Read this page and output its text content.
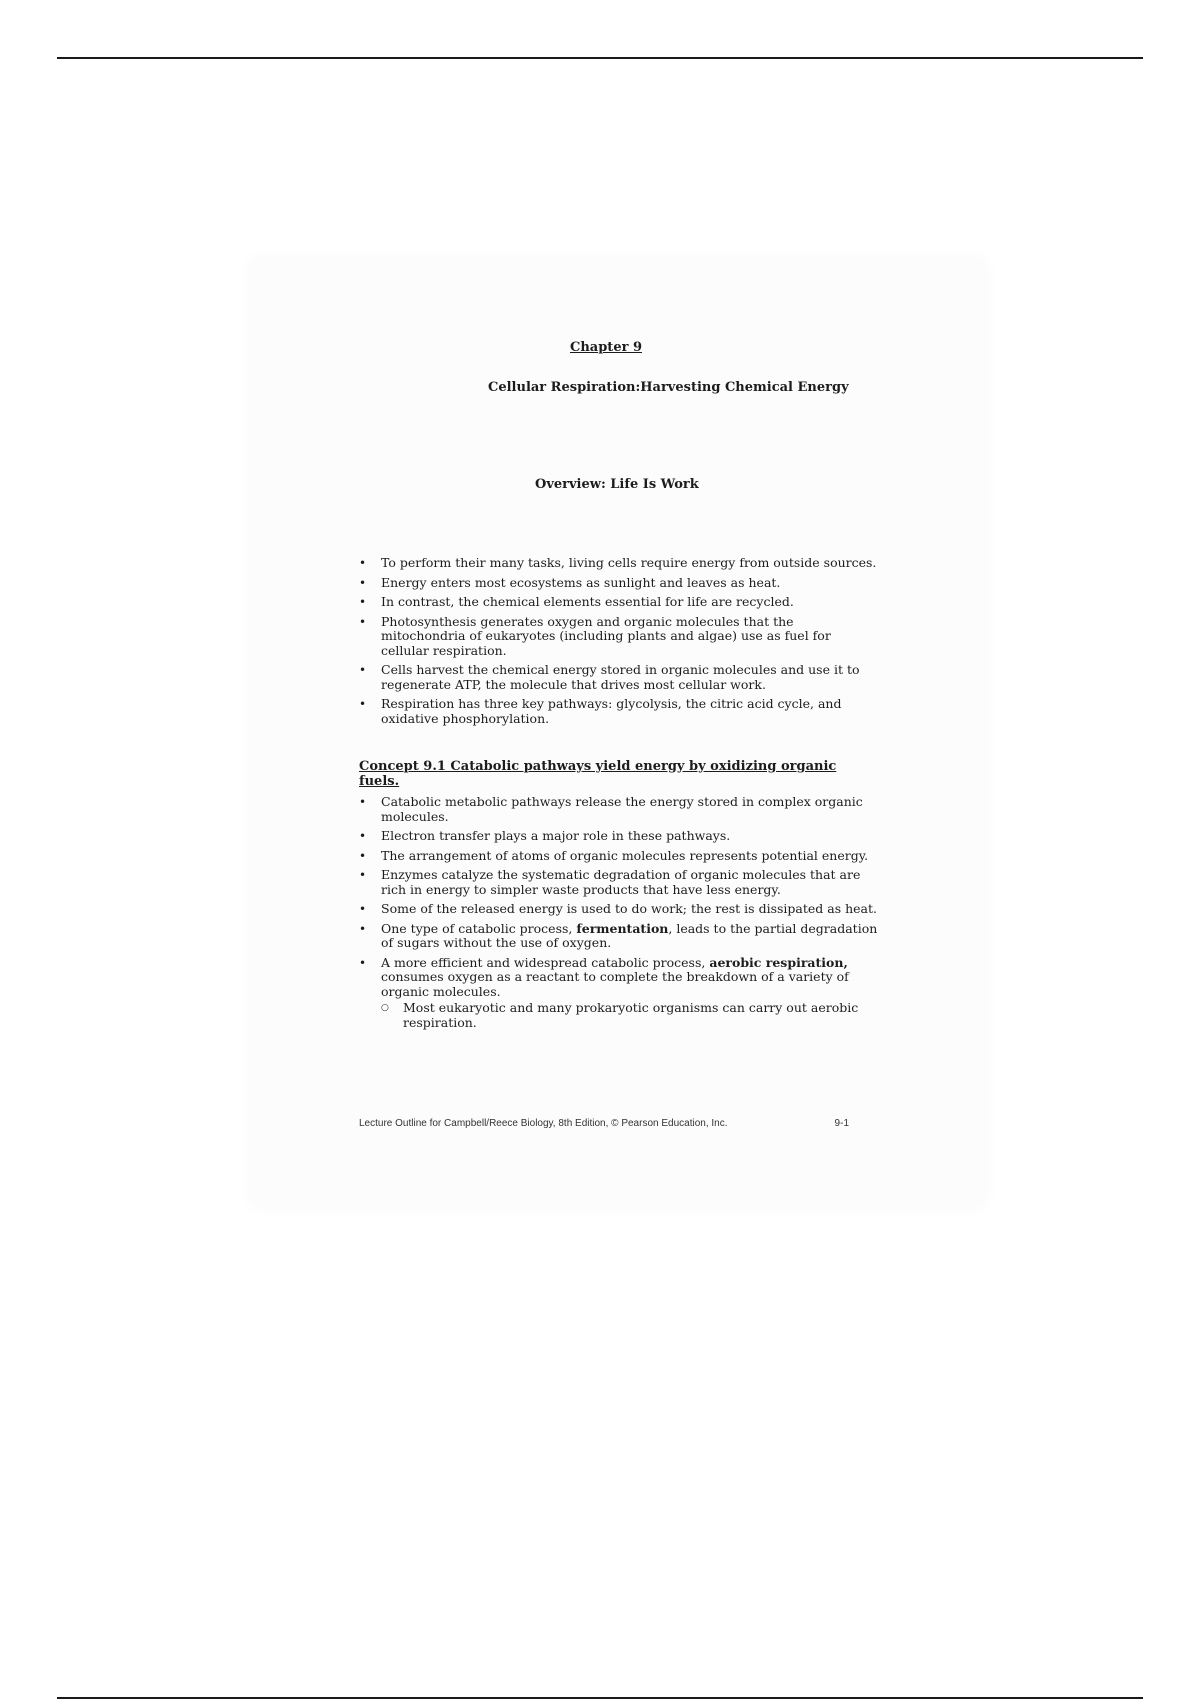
Chapter 9
Cellular Respiration:Harvesting Chemical Energy
Overview: Life Is Work
• To perform their many tasks, living cells require energy from outside sources.
• Energy enters most ecosystems as sunlight and leaves as heat.
• In contrast, the chemical elements essential for life are recycled.
• Photosynthesis generates oxygen and organic molecules that the mitochondria of eukaryotes (including plants and algae) use as fuel for cellular respiration.
• Cells harvest the chemical energy stored in organic molecules and use it to regenerate ATP, the molecule that drives most cellular work.
• Respiration has three key pathways: glycolysis, the citric acid cycle, and oxidative phosphorylation.
Concept 9.1 Catabolic pathways yield energy by oxidizing organic fuels.
• Catabolic metabolic pathways release the energy stored in complex organic molecules.
• Electron transfer plays a major role in these pathways.
• The arrangement of atoms of organic molecules represents potential energy.
• Enzymes catalyze the systematic degradation of organic molecules that are rich in energy to simpler waste products that have less energy.
• Some of the released energy is used to do work; the rest is dissipated as heat.
• One type of catabolic process, fermentation, leads to the partial degradation of sugars without the use of oxygen.
• A more efficient and widespread catabolic process, aerobic respiration, consumes oxygen as a reactant to complete the breakdown of a variety of organic molecules.
○ Most eukaryotic and many prokaryotic organisms can carry out aerobic respiration.
Lecture Outline for Campbell/Reece Biology, 8th Edition, © Pearson Education, Inc.	9-1
